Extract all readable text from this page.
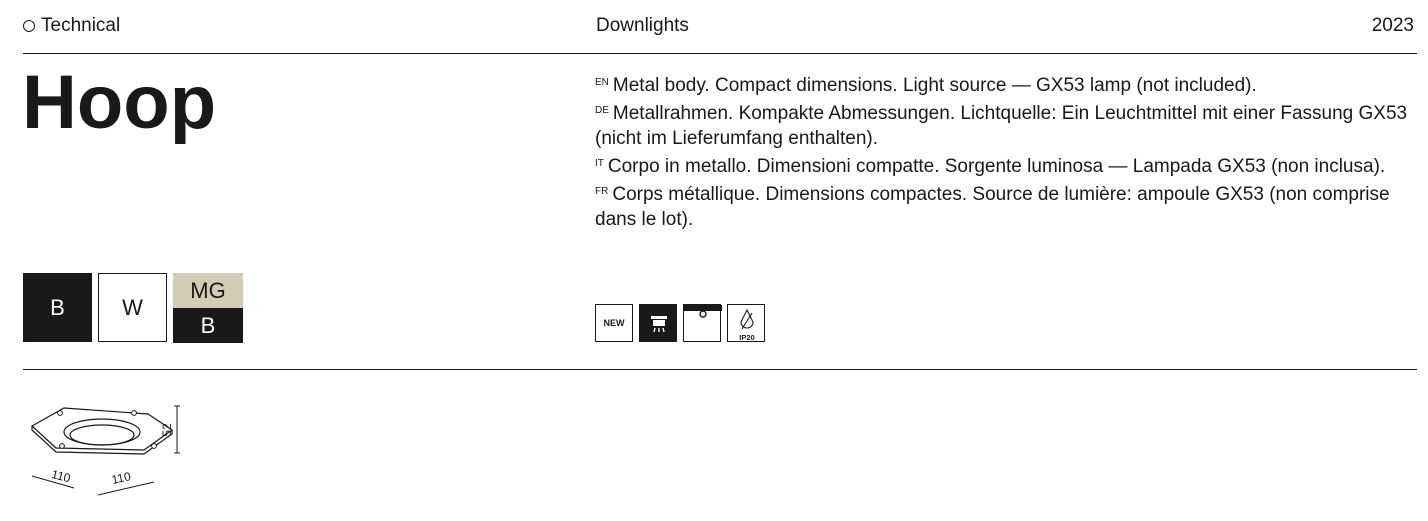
Technical	Downlights	2023
Hoop	$^{EN}$ Metal body. Compact dimensions. Light source — GX53 lamp (not included).

$^{DE}$ Metallrahmen. Kompakte Abmessungen. Lichtquelle: Ein Leuchtmittel mit einer Fassung GX53 (nicht im Lieferumfang enthalten).

$^{IT}$ Corpo in metallo. Dimensioni compatte. Sorgente luminosa — Lampada GX53 (non inclusa).

$^{FR}$ Corps métallique. Dimensions compactes. Source de lumière: ampoule GX53 (non comprise dans le lot).

B	W
MG
B	NEW
IP20
52
110	110
